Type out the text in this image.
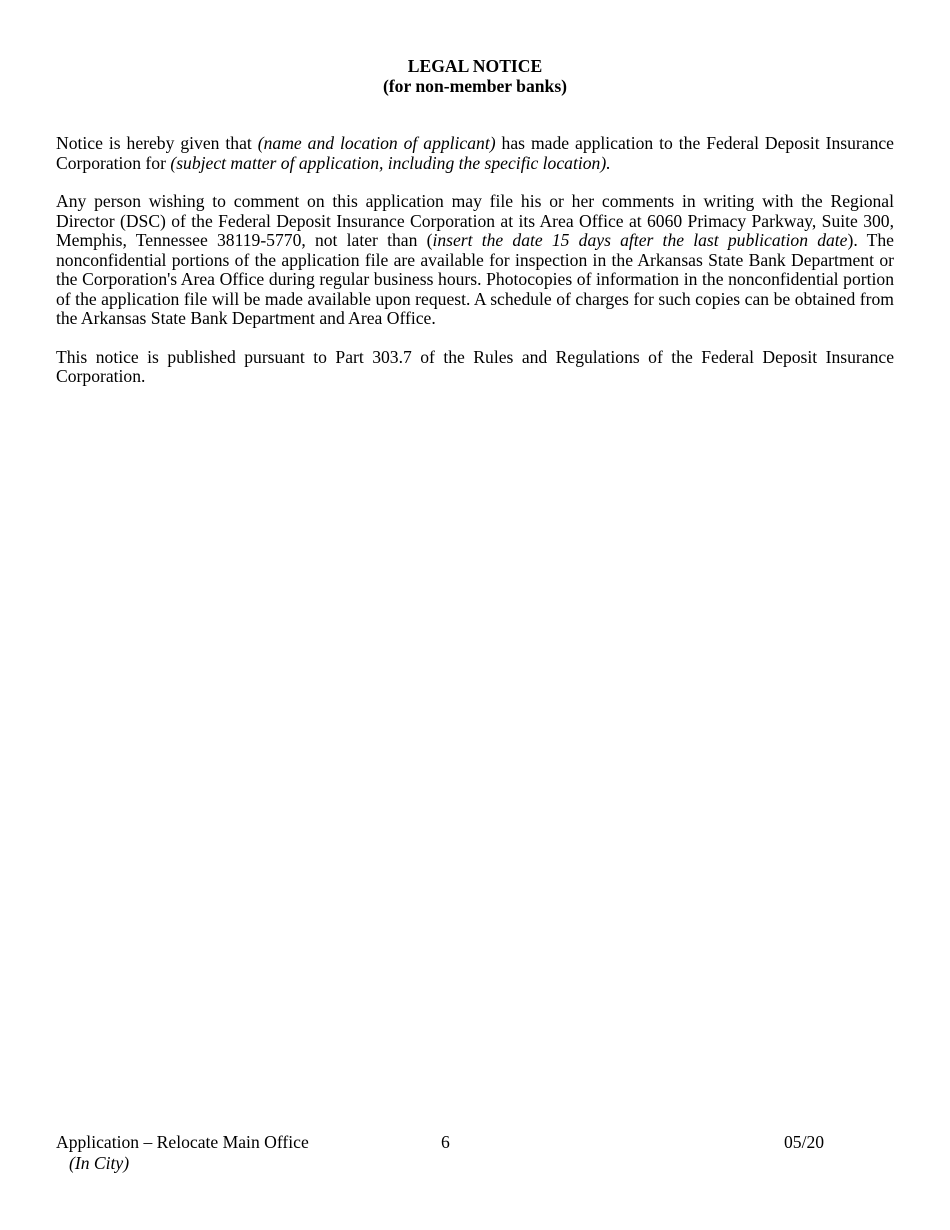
LEGAL NOTICE
(for non-member banks)

Notice is hereby given that (name and location of applicant) has made application to the Federal Deposit Insurance Corporation for (subject matter of application, including the specific location).

Any person wishing to comment on this application may file his or her comments in writing with the Regional Director (DSC) of the Federal Deposit Insurance Corporation at its Area Office at 6060 Primacy Parkway, Suite 300, Memphis, Tennessee 38119-5770, not later than (insert the date 15 days after the last publication date). The nonconfidential portions of the application file are available for inspection in the Arkansas State Bank Department or the Corporation's Area Office during regular business hours. Photocopies of information in the nonconfidential portion of the application file will be made available upon request. A schedule of charges for such copies can be obtained from the Arkansas State Bank Department and Area Office.

This notice is published pursuant to Part 303.7 of the Rules and Regulations of the Federal Deposit Insurance Corporation.

Application – Relocate Main Office
(In City)
6	05/20
